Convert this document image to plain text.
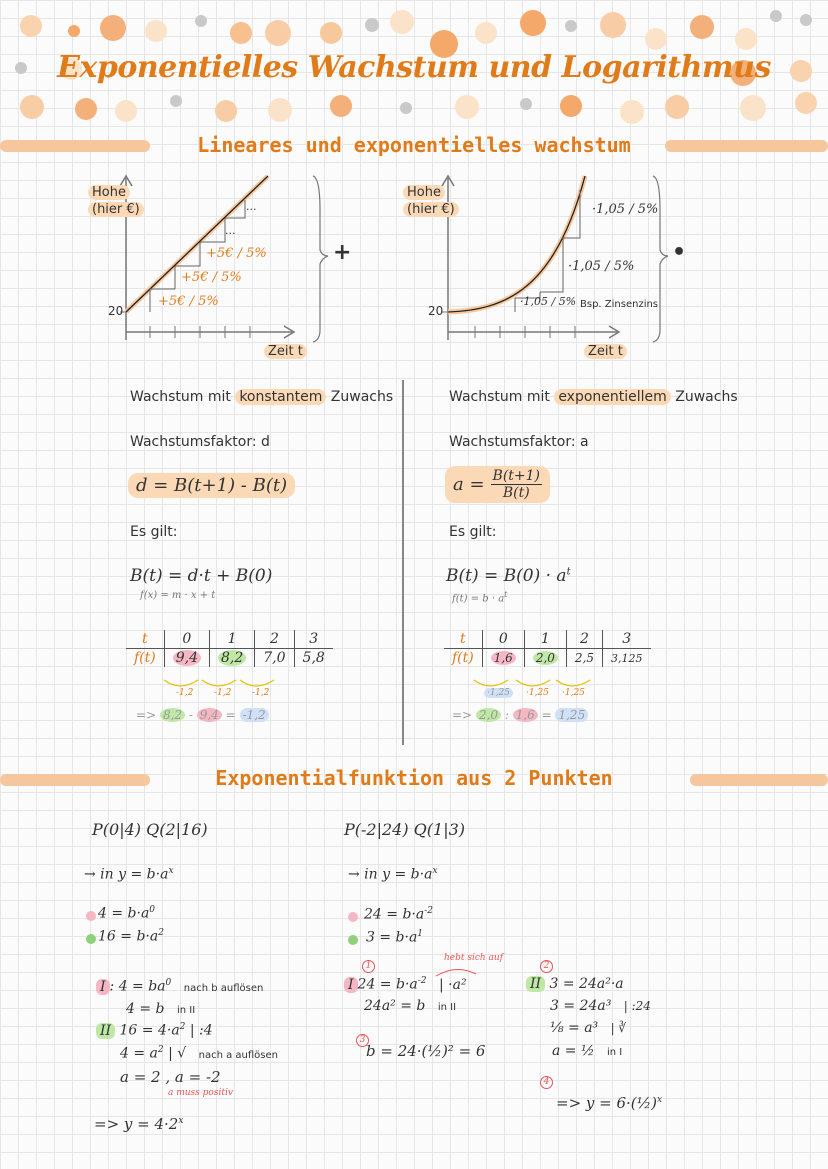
Exponentielles Wachstum und Logarithmus
Lineares und exponentielles wachstum
Hohe
(hier €)
20
+5€ / 5%
+5€ / 5%
+5€ / 5%
...
...
Zeit t
+
Hohe
(hier €)
20
·1,05 / 5%
·1,05 / 5%
·1,05 / 5%
Bsp. Zinsenzins
Zeit t
•
Wachstum mit konstantem Zuwachs
Wachstumsfaktor: d
d = B(t+1) - B(t)
Es gilt:
B(t) = d·t + B(0)
f(x) = m · x + t
t	0	1	2	3
f(t)	9,4	8,2	7,0	5,8
-1,2 -1,2 -1,2
=> 8,2 - 9,4 = -1,2
Wachstum mit exponentiellem Zuwachs
Wachstumsfaktor: a
$a = \frac{B(t+1)}{B(t)}$
Es gilt:
$B(t) = B(0) \cdot a^t$
$f(t) = b \cdot a^t$
t	0	1	2	3
f(t)	1,6	2,0	2,5	3,125
·1,25	·1,25 ·1,25
=> 2,0 : 1,6 = 1,25
Exponentialfunktion aus 2 Punkten
P(0|4) Q(2|16)
→ in $y = b\cdot a^x$
$4 = b\cdot a^0$
$16 = b\cdot a^2$
I : $4 = ba^0$ nach b auflösen
4 = b in II
II $16 = 4\cdot a^2$ | :4
$4 = a^2$ | √ nach a auflösen
a = 2 , a = -2
a muss positiv
=> $y = 4\cdot 2^x$
P(-2|24) Q(1|3)
→ in $y = b\cdot a^x$
$24 = b\cdot a^{-2}$
$3 = b\cdot a^1$
hebt sich auf
1
I $24 = b\cdot a^{-2}$ | ·a²
24a² = b in II
3
b = 24·(½)² = 6
2
II 3 = 24a²·a
3 = 24a³ | :24
⅛ = a³ | ∛
a = ½ in I
4
=> y = 6·(½)$^x$
